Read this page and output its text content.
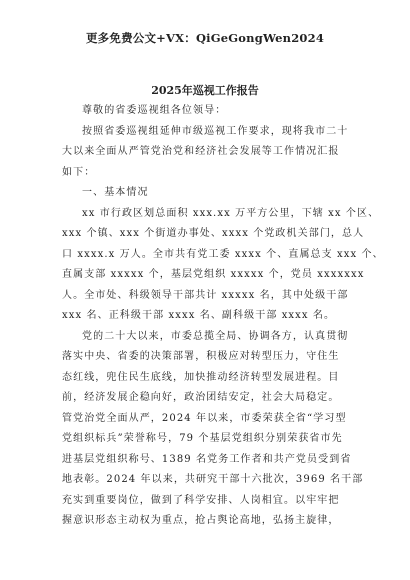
更多免费公文+VX：QiGeGongWen2024
2025年巡视工作报告
尊敬的省委巡视组各位领导：
按照省委巡视组延伸市级巡视工作要求，现将我市二十
大以来全面从严管党治党和经济社会发展等工作情况汇报
如下：
一、基本情况
xx 市行政区划总面积 xxx.xx 万平方公里，下辖 xx 个区、
xxx 个镇、xxx 个街道办事处、xxxx 个党政机关部门，总人
口 xxxx.x 万人。全市共有党工委 xxxx 个、直属总支 xxx 个、
直属支部 xxxxx 个，基层党组织 xxxxx 个，党员 xxxxxxx
人。全市处、科级领导干部共计 xxxxx 名，其中处级干部
xxx 名、正科级干部 xxxx 名、副科级干部 xxxx 名。
党的二十大以来，市委总揽全局、协调各方，认真贯彻
落实中央、省委的决策部署，积极应对转型压力，守住生
态红线，兜住民生底线，加快推动经济转型发展进程。目
前，经济发展企稳向好，政治团结安定，社会大局稳定。
管党治党全面从严，2024 年以来，市委荣获全省“学习型
党组织标兵”荣誉称号，79 个基层党组织分别荣获省市先
进基层党组织称号、1389 名党务工作者和共产党员受到省
地表彰。2024 年以来，共研究干部十六批次，3969 名干部
充实到重要岗位，做到了科学安排、人岗相宜。以牢牢把
握意识形态主动权为重点，抢占舆论高地，弘扬主旋律，
